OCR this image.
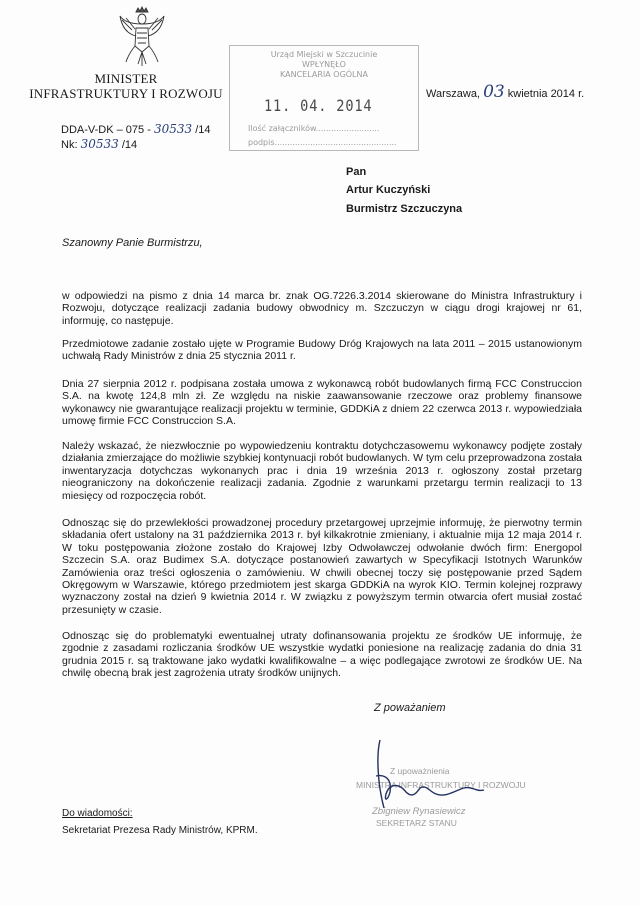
MINISTER
INFRASTRUKTURY I ROZWOJU
Urząd Miejski w Szczucinie
WPŁYNĘŁO
KANCELARIA OGÓLNA
11. 04. 2014
Ilość załączników.........................
podpis................................................
Warszawa, 03 kwietnia 2014 r.
DDA-V-DK – 075 - 30533 /14
Nk: 30533 /14
Pan
Artur Kuczyński
Burmistrz Szczuczyna
Szanowny Panie Burmistrzu,
w odpowiedzi na pismo z dnia 14 marca br. znak OG.7226.3.2014 skierowane do Ministra Infrastruktury i Rozwoju, dotyczące realizacji zadania budowy obwodnicy m. Szczuczyn w ciągu drogi krajowej nr 61, informuję, co następuje.
Przedmiotowe zadanie zostało ujęte w Programie Budowy Dróg Krajowych na lata 2011 – 2015 ustanowionym uchwałą Rady Ministrów z dnia 25 stycznia 2011 r.
Dnia 27 sierpnia 2012 r. podpisana została umowa z wykonawcą robót budowlanych firmą FCC Construccion S.A. na kwotę 124,8 mln zł. Ze względu na niskie zaawansowanie rzeczowe oraz problemy finansowe wykonawcy nie gwarantujące realizacji projektu w terminie, GDDKiA z dniem 22 czerwca 2013 r. wypowiedziała umowę firmie FCC Construccion S.A.
Należy wskazać, że niezwłocznie po wypowiedzeniu kontraktu dotychczasowemu wykonawcy podjęte zostały działania zmierzające do możliwie szybkiej kontynuacji robót budowlanych. W tym celu przeprowadzona została inwentaryzacja dotychczas wykonanych prac i dnia 19 września 2013 r. ogłoszony został przetarg nieograniczony na dokończenie realizacji zadania. Zgodnie z warunkami przetargu termin realizacji to 13 miesięcy od rozpoczęcia robót.
Odnosząc się do przewlekłości prowadzonej procedury przetargowej uprzejmie informuję, że pierwotny termin składania ofert ustalony na 31 października 2013 r. był kilkakrotnie zmieniany, i aktualnie mija 12 maja 2014 r. W toku postępowania złożone zostało do Krajowej Izby Odwoławczej odwołanie dwóch firm: Energopol Szczecin S.A. oraz Budimex S.A. dotyczące postanowień zawartych w Specyfikacji Istotnych Warunków Zamówienia oraz treści ogłoszenia o zamówieniu. W chwili obecnej toczy się postępowanie przed Sądem Okręgowym w Warszawie, którego przedmiotem jest skarga GDDKiA na wyrok KIO. Termin kolejnej rozprawy wyznaczony został na dzień 9 kwietnia 2014 r. W związku z powyższym termin otwarcia ofert musiał zostać przesunięty w czasie.
Odnosząc się do problematyki ewentualnej utraty dofinansowania projektu ze środków UE informuję, że zgodnie z zasadami rozliczania środków UE wszystkie wydatki poniesione na realizację zadania do dnia 31 grudnia 2015 r. są traktowane jako wydatki kwalifikowalne – a więc podlegające zwrotowi ze środków UE. Na chwilę obecną brak jest zagrożenia utraty środków unijnych.
Z poważaniem
Z upoważnienia
MINISTRA INFRASTRUKTURY I ROZWOJU
Zbigniew Rynasiewicz
SEKRETARZ STANU
Do wiadomości:
Sekretariat Prezesa Rady Ministrów, KPRM.
